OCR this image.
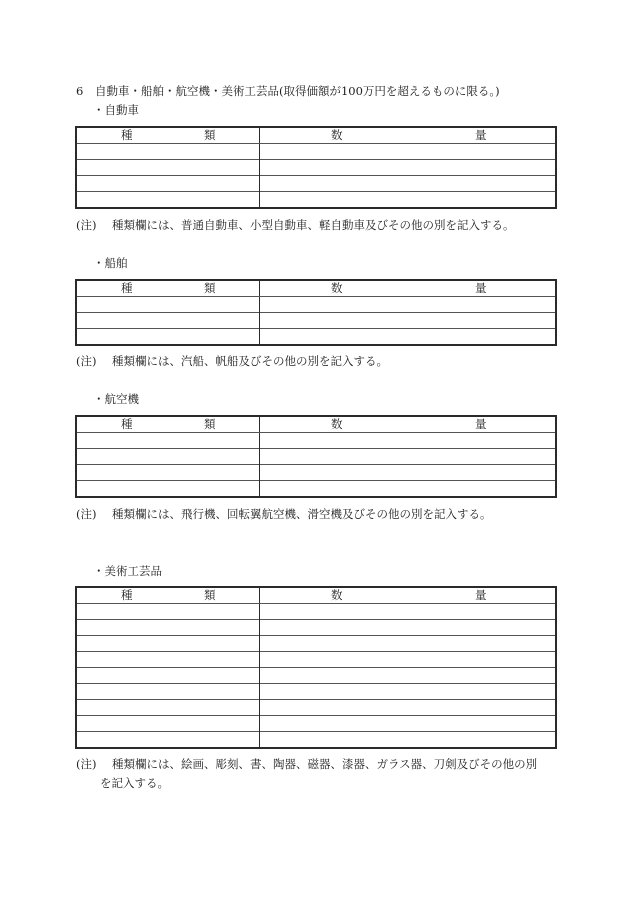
6 自動車・船舶・航空機・美術工芸品(取得価額が100万円を超えるものに限る。)
・自動車
種 類	数 量

(注) 種類欄には、普通自動車、小型自動車、軽自動車及びその他の別を記入する。
・船舶
種 類	数 量

(注) 種類欄には、汽船、帆船及びその他の別を記入する。
・航空機
種 類	数 量

(注) 種類欄には、飛行機、回転翼航空機、滑空機及びその他の別を記入する。
・美術工芸品
種 類	数 量

(注) 種類欄には、絵画、彫刻、書、陶器、磁器、漆器、ガラス器、刀剣及びその他の別
を記入する。
